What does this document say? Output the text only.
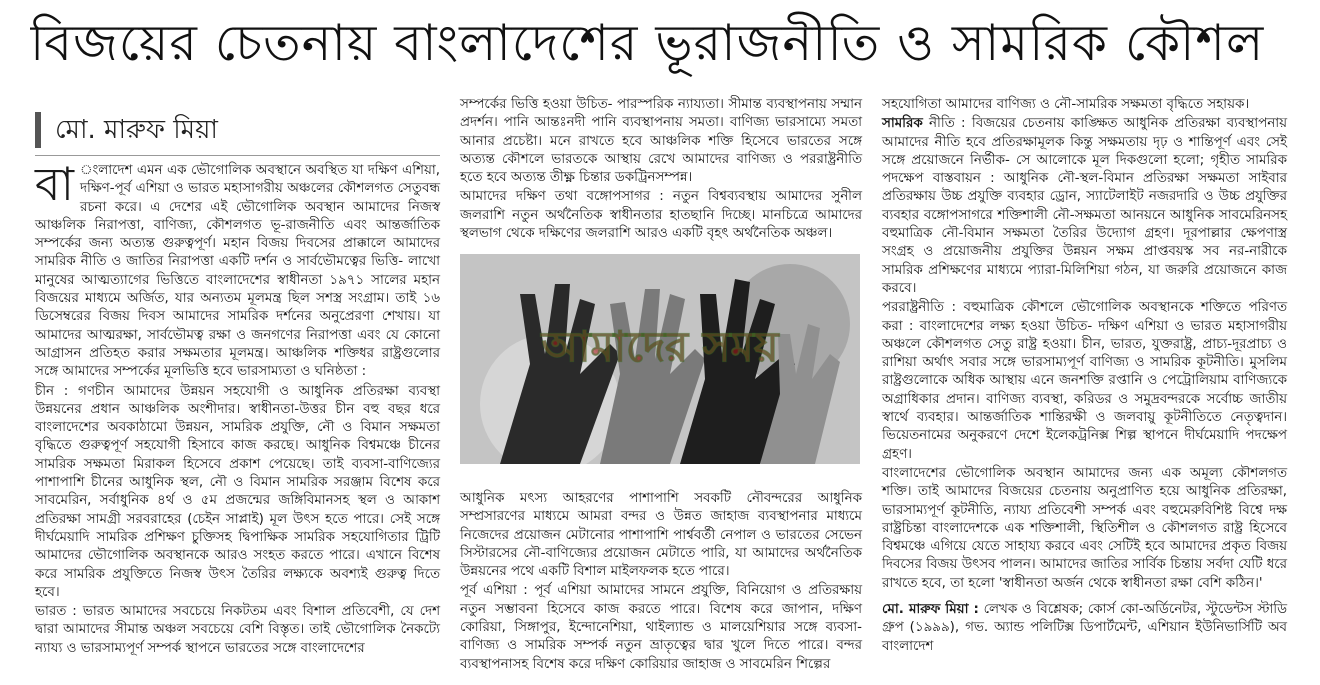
বিজয়ের চেতনায় বাংলাদেশের ভূরাজনীতি ও সামরিক কৌশল
মো. মারুফ মিয়া

বা ংলাদেশ এমন এক ভৌগোলিক অবস্থানে অবস্থিত যা দক্ষিণ এশিয়া, দক্ষিণ-পূর্ব এশিয়া ও ভারত মহাসাগরীয় অঞ্চলের কৌশলগত সেতুবন্ধ রচনা করে। এ দেশের এই ভৌগোলিক অবস্থান আমাদের নিজস্ব আঞ্চলিক নিরাপত্তা, বাণিজ্য, কৌশলগত ভূ-রাজনীতি এবং আন্তর্জাতিক সম্পর্কের জন্য অত্যন্ত গুরুত্বপূর্ণ। মহান বিজয় দিবসের প্রাক্কালে আমাদের সামরিক নীতি ও জাতির নিরাপত্তা একটি দর্শন ও সার্বভৌমত্বের ভিত্তি- লাখো মানুষের আত্মত্যাগের ভিত্তিতে বাংলাদেশের স্বাধীনতা ১৯৭১ সালের মহান বিজয়ের মাধ্যমে অর্জিত, যার অন্যতম মূলমন্ত্র ছিল সশস্ত্র সংগ্রাম। তাই ১৬ ডিসেম্বরের বিজয় দিবস আমাদের সামরিক দর্শনের অনুপ্রেরণা শেখায়। যা আমাদের আত্মরক্ষা, সার্বভৌমত্ব রক্ষা ও জনগণের নিরাপত্তা এবং যে কোনো আগ্রাসন প্রতিহত করার সক্ষমতার মূলমন্ত্র। আঞ্চলিক শক্তিধর রাষ্ট্রগুলোর সঙ্গে আমাদের সম্পর্কের মূলভিত্তি হবে ভারসাম্যতা ও ঘনিষ্ঠতা :

চীন : গণচীন আমাদের উন্নয়ন সহযোগী ও আধুনিক প্রতিরক্ষা ব্যবস্থা উন্নয়নের প্রধান আঞ্চলিক অংশীদার। স্বাধীনতা-উত্তর চীন বহু বছর ধরে বাংলাদেশের অবকাঠামো উন্নয়ন, সামরিক প্রযুক্তি, নৌ ও বিমান সক্ষমতা বৃদ্ধিতে গুরুত্বপূর্ণ সহযোগী হিসাবে কাজ করছে। আধুনিক বিশ্বমঞ্চে চীনের সামরিক সক্ষমতা মিরাকল হিসেবে প্রকাশ পেয়েছে। তাই ব্যবসা-বাণিজ্যের পাশাপাশি চীনের আধুনিক স্থল, নৌ ও বিমান সামরিক সরঞ্জাম বিশেষ করে সাবমেরিন, সর্বাধুনিক ৪র্থ ও ৫ম প্রজন্মের জঙ্গিবিমানসহ স্থল ও আকাশ প্রতিরক্ষা সামগ্রী সরবরাহের (চেইন সাপ্লাই) মূল উৎস হতে পারে। সেই সঙ্গে দীর্ঘমেয়াদি সামরিক প্রশিক্ষণ চুক্তিসহ দ্বিপাক্ষিক সামরিক সহযোগিতার ট্রিটি আমাদের ভৌগোলিক অবস্থানকে আরও সংহত করতে পারে। এখানে বিশেষ করে সামরিক প্রযুক্তিতে নিজস্ব উৎস তৈরির লক্ষ্যকে অবশ্যই গুরুত্ব দিতে হবে।

ভারত : ভারত আমাদের সবচেয়ে নিকটতম এবং বিশাল প্রতিবেশী, যে দেশ দ্বারা আমাদের সীমান্ত অঞ্চল সবচেয়ে বেশি বিস্তৃত। তাই ভৌগোলিক নৈকট্যে ন্যায্য ও ভারসাম্যপূর্ণ সম্পর্ক স্থাপনে ভারতের সঙ্গে বাংলাদেশের

সম্পর্কের ভিত্তি হওয়া উচিত- পারস্পরিক ন্যায্যতা। সীমান্ত ব্যবস্থাপনায় সম্মান প্রদর্শন। পানি আন্তঃনদী পানি ব্যবস্থাপনায় সমতা। বাণিজ্য ভারসাম্যে সমতা আনার প্রচেষ্টা। মনে রাখতে হবে আঞ্চলিক শক্তি হিসেবে ভারতের সঙ্গে অত্যন্ত কৌশলে ভারতকে আস্থায় রেখে আমাদের বাণিজ্য ও পররাষ্ট্রনীতি হতে হবে অত্যন্ত তীক্ষ্ণ চিন্তার ডকট্রিনসম্পন্ন।

আমাদের দক্ষিণ তথা বঙ্গোপসাগর : নতুন বিশ্বব্যবস্থায় আমাদের সুনীল জলরাশি নতুন অর্থনৈতিক স্বাধীনতার হাতছানি দিচ্ছে। মানচিত্রে আমাদের স্থলভাগ থেকে দক্ষিণের জলরাশি আরও একটি বৃহৎ অর্থনৈতিক অঞ্চল।

আমাদের সময়

আধুনিক মৎস্য আহরণের পাশাপাশি সবকটি নৌবন্দরের আধুনিক সম্প্রসারণের মাধ্যমে আমরা বন্দর ও উন্নত জাহাজ ব্যবস্থাপনার মাধ্যমে নিজেদের প্রয়োজন মেটানোর পাশাপাশি পার্শ্ববর্তী নেপাল ও ভারতের সেভেন সিস্টারসের নৌ-বাণিজ্যের প্রয়োজন মেটাতে পারি, যা আমাদের অর্থনৈতিক উন্নয়নের পথে একটি বিশাল মাইলফলক হতে পারে।

পূর্ব এশিয়া : পূর্ব এশিয়া আমাদের সামনে প্রযুক্তি, বিনিয়োগ ও প্রতিরক্ষায় নতুন সম্ভাবনা হিসেবে কাজ করতে পারে। বিশেষ করে জাপান, দক্ষিণ কোরিয়া, সিঙ্গাপুর, ইন্দোনেশিয়া, থাইল্যান্ড ও মালয়েশিয়ার সঙ্গে ব্যবসা-বাণিজ্য ও সামরিক সম্পর্ক নতুন ভ্রাতৃত্বের দ্বার খুলে দিতে পারে। বন্দর ব্যবস্থাপনাসহ বিশেষ করে দক্ষিণ কোরিয়ার জাহাজ ও সাবমেরিন শিল্পের

সহযোগিতা আমাদের বাণিজ্য ও নৌ-সামরিক সক্ষমতা বৃদ্ধিতে সহায়ক।

সামরিক নীতি : বিজয়ের চেতনায় কাঙ্ক্ষিত আধুনিক প্রতিরক্ষা ব্যবস্থাপনায় আমাদের নীতি হবে প্রতিরক্ষামূলক কিন্তু সক্ষমতায় দৃঢ় ও শান্তিপূর্ণ এবং সেই সঙ্গে প্রয়োজনে নির্ভীক- সে আলোকে মূল দিকগুলো হলো; গৃহীত সামরিক পদক্ষেপ বাস্তবায়ন : আধুনিক নৌ-স্থল-বিমান প্রতিরক্ষা সক্ষমতা সাইবার প্রতিরক্ষায় উচ্চ প্রযুক্তি ব্যবহার ড্রোন, স্যাটেলাইট নজরদারি ও উচ্চ প্রযুক্তির ব্যবহার বঙ্গোপসাগরে শক্তিশালী নৌ-সক্ষমতা আনয়নে আধুনিক সাবমেরিনসহ বহুমাত্রিক নৌ-বিমান সক্ষমতা তৈরির উদ্যোগ গ্রহণ। দূরপাল্লার ক্ষেপণাস্ত্র সংগ্রহ ও প্রয়োজনীয় প্রযুক্তির উন্নয়ন সক্ষম প্রাপ্তবয়স্ক সব নর-নারীকে সামরিক প্রশিক্ষণের মাধ্যমে প্যারা-মিলিশিয়া গঠন, যা জরুরি প্রয়োজনে কাজ করবে।

পররাষ্ট্রনীতি : বহুমাত্রিক কৌশলে ভৌগোলিক অবস্থানকে শক্তিতে পরিণত করা : বাংলাদেশের লক্ষ্য হওয়া উচিত- দক্ষিণ এশিয়া ও ভারত মহাসাগরীয় অঞ্চলে কৌশলগত সেতু রাষ্ট্র হওয়া। চীন, ভারত, যুক্তরাষ্ট্র, প্রাচ্য-দূরপ্রাচ্য ও রাশিয়া অর্থাৎ সবার সঙ্গে ভারসাম্যপূর্ণ বাণিজ্য ও সামরিক কূটনীতি। মুসলিম রাষ্ট্রগুলোকে অধিক আস্থায় এনে জনশক্তি রপ্তানি ও পেট্রোলিয়াম বাণিজ্যকে অগ্রাধিকার প্রদান। বাণিজ্য ব্যবস্থা, করিডর ও সমুদ্রবন্দরকে সর্বোচ্চ জাতীয় স্বার্থে ব্যবহার। আন্তর্জাতিক শান্তিরক্ষী ও জলবায়ু কূটনীতিতে নেতৃত্বদান। ভিয়েতনামের অনুকরণে দেশে ইলেকট্রনিক্স শিল্প স্থাপনে দীর্ঘমেয়াদি পদক্ষেপ গ্রহণ।

বাংলাদেশের ভৌগোলিক অবস্থান আমাদের জন্য এক অমূল্য কৌশলগত শক্তি। তাই আমাদের বিজয়ের চেতনায় অনুপ্রাণিত হয়ে আধুনিক প্রতিরক্ষা, ভারসাম্যপূর্ণ কূটনীতি, ন্যায্য প্রতিবেশী সম্পর্ক এবং বহুমেরুবিশিষ্ট বিশ্বে দক্ষ রাষ্ট্রচিন্তা বাংলাদেশকে এক শক্তিশালী, স্থিতিশীল ও কৌশলগত রাষ্ট্র হিসেবে বিশ্বমঞ্চে এগিয়ে যেতে সাহায্য করবে এবং সেটিই হবে আমাদের প্রকৃত বিজয় দিবসের বিজয় উৎসব পালন। আমাদের জাতির সার্বিক চিন্তায় সর্বদা যেটি ধরে রাখতে হবে, তা হলো 'স্বাধীনতা অর্জন থেকে স্বাধীনতা রক্ষা বেশি কঠিন।'

মো. মারুফ মিয়া : লেখক ও বিশ্লেষক; কোর্স কো-অর্ডিনেটর, স্টুডেন্টস স্টাডি গ্রুপ (১৯৯৯), গভ. অ্যান্ড পলিটিক্স ডিপার্টমেন্ট, এশিয়ান ইউনিভার্সিটি অব বাংলাদেশ
